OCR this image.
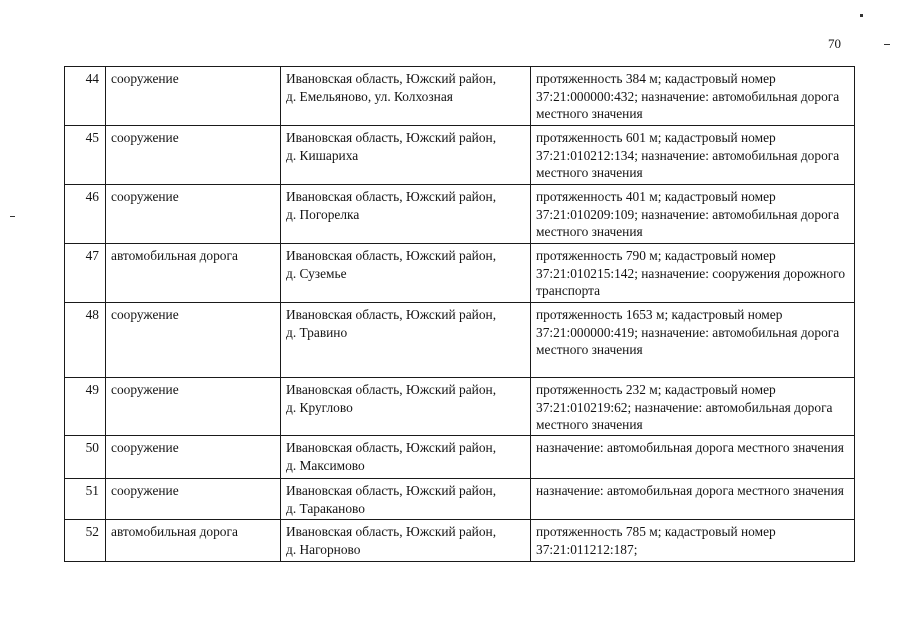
70
44	сооружение	Ивановская область, Южский район,
д. Емельяново, ул. Колхозная	протяженность 384 м; кадастровый номер 37:21:000000:432; назначение: автомобильная дорога местного значения
45	сооружение	Ивановская область, Южский район,
д. Кишариха	протяженность 601 м; кадастровый номер 37:21:010212:134; назначение: автомобильная дорога местного значения
46	сооружение	Ивановская область, Южский район,
д. Погорелка	протяженность 401 м; кадастровый номер 37:21:010209:109; назначение: автомобильная дорога местного значения
47	автомобильная дорога	Ивановская область, Южский район,
д. Суземье	протяженность 790 м; кадастровый номер 37:21:010215:142; назначение: сооружения дорожного транспорта
48	сооружение	Ивановская область, Южский район,
д. Травино	протяженность 1653 м; кадастровый номер 37:21:000000:419; назначение: автомобильная дорога местного значения
49	сооружение	Ивановская область, Южский район,
д. Круглово	протяженность 232 м; кадастровый номер 37:21:010219:62; назначение: автомобильная дорога местного значения
50	сооружение	Ивановская область, Южский район,
д. Максимово	назначение: автомобильная дорога местного значения
51	сооружение	Ивановская область, Южский район,
д. Тараканово	назначение: автомобильная дорога местного значения
52	автомобильная дорога	Ивановская область, Южский район,
д. Нагорново	протяженность 785 м; кадастровый номер 37:21:011212:187;
